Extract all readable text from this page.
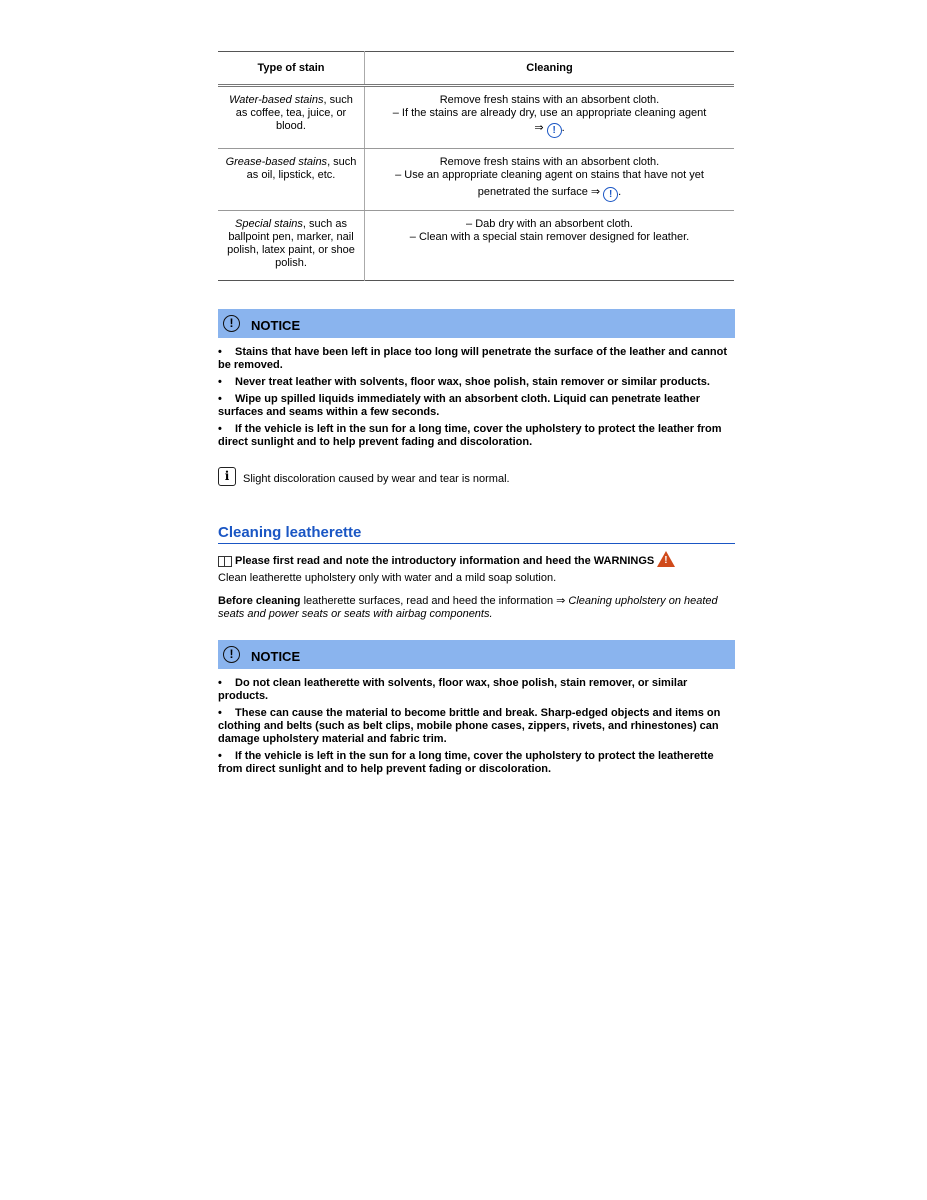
Type of stain	Cleaning
Water-based stains, such as coffee, tea, juice, or blood.	Remove fresh stains with an absorbent cloth.
– If the stains are already dry, use an appropriate cleaning agent
⇒ ! .

Grease-based stains, such as oil, lipstick, etc.	Remove fresh stains with an absorbent cloth.
– Use an appropriate cleaning agent on stains that have not yet
penetrated the surface ⇒ ! .

Special stains, such as ballpoint pen, marker, nail polish, latex paint, or shoe polish.	– Dab dry with an absorbent cloth.
– Clean with a special stain remover designed for leather.
!	NOTICE
• Stains that have been left in place too long will penetrate the surface of the leather and cannot be removed.
• Never treat leather with solvents, floor wax, shoe polish, stain remover or similar products.
• Wipe up spilled liquids immediately with an absorbent cloth. Liquid can penetrate leather surfaces and seams within a few seconds.
• If the vehicle is left in the sun for a long time, cover the upholstery to protect the leather from direct sunlight and to help prevent fading and discoloration.
i	Slight discoloration caused by wear and tear is normal.
Cleaning leatherette
Please first read and note the introductory information and heed the WARNINGS !

Clean leatherette upholstery only with water and a mild soap solution.

Before cleaning leatherette surfaces, read and heed the information ⇒ Cleaning upholstery on heated seats and power seats or seats with airbag components.

!	NOTICE
• Do not clean leatherette with solvents, floor wax, shoe polish, stain remover, or similar products.
• These can cause the material to become brittle and break. Sharp-edged objects and items on clothing and belts (such as belt clips, mobile phone cases, zippers, rivets, and rhinestones) can damage upholstery material and fabric trim.
• If the vehicle is left in the sun for a long time, cover the upholstery to protect the leatherette from direct sunlight and to help prevent fading or discoloration.
